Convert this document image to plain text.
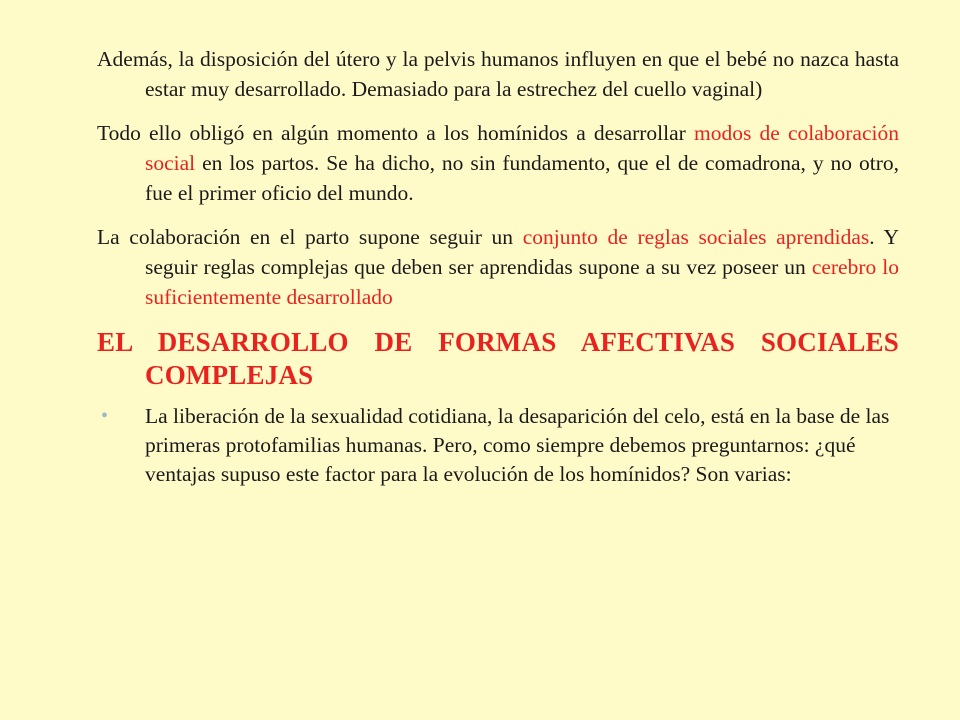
Además, la disposición del útero y la pelvis humanos influyen en que el bebé no nazca hasta estar muy desarrollado. Demasiado para la estrechez del cuello vaginal)

Todo ello obligó en algún momento a los homínidos a desarrollar modos de colaboración social en los partos. Se ha dicho, no sin fundamento, que el de comadrona, y no otro, fue el primer oficio del mundo.

La colaboración en el parto supone seguir un conjunto de reglas sociales aprendidas. Y seguir reglas complejas que deben ser aprendidas supone a su vez poseer un cerebro lo suficientemente desarrollado

EL DESARROLLO DE FORMAS AFECTIVAS SOCIALES COMPLEJAS
• La liberación de la sexualidad cotidiana, la desaparición del celo, está en la base de las primeras protofamilias humanas. Pero, como siempre debemos preguntarnos: ¿qué ventajas supuso este factor para la evolución de los homínidos? Son varias:
